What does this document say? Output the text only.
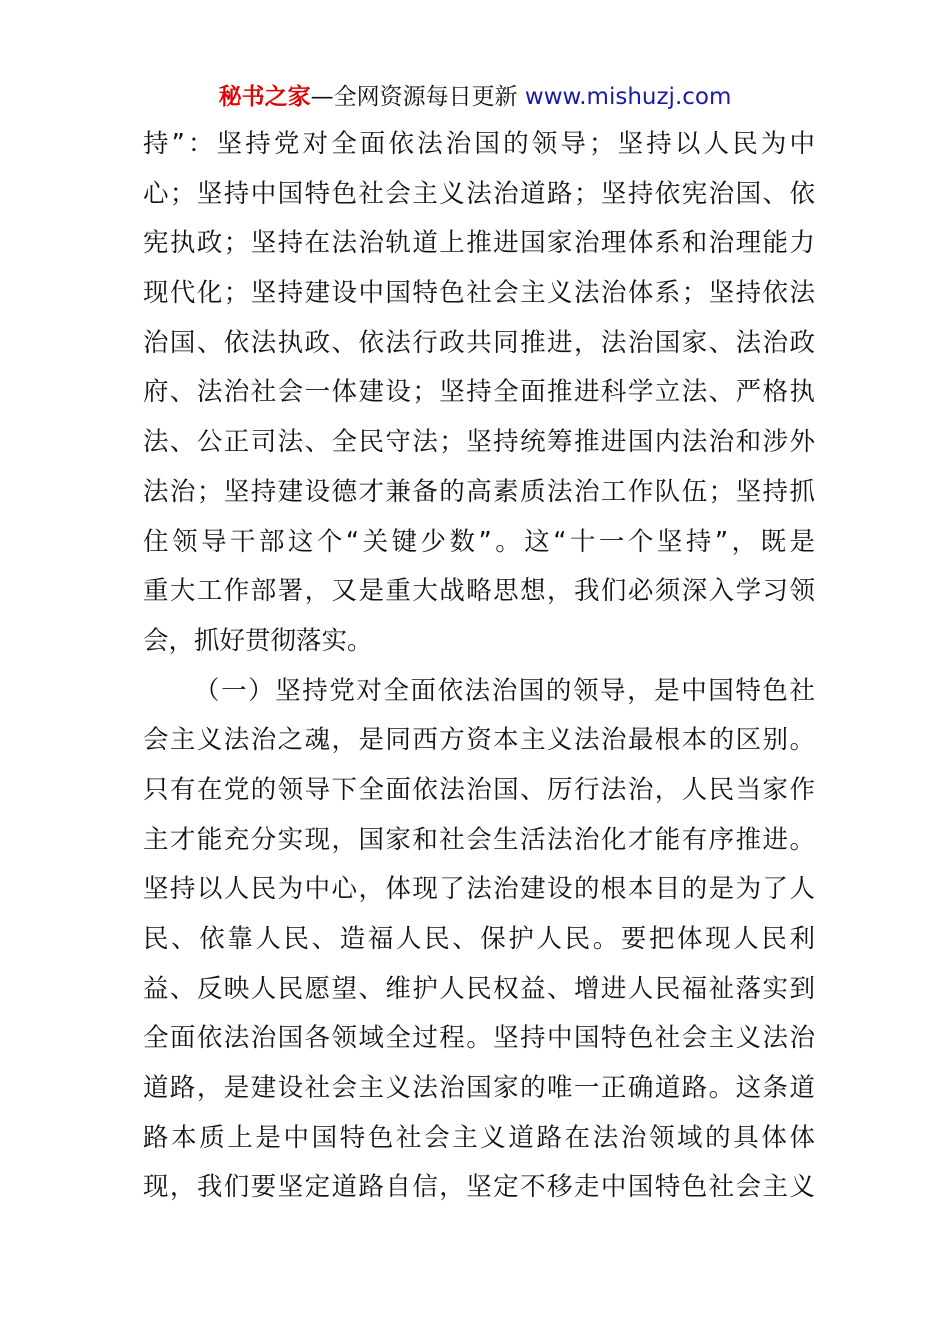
秘书之家—全网资源每日更新 www.mishuzj.com
持”：坚持党对全面依法治国的领导；坚持以人民为中
心；坚持中国特色社会主义法治道路；坚持依宪治国、依
宪执政；坚持在法治轨道上推进国家治理体系和治理能力
现代化；坚持建设中国特色社会主义法治体系；坚持依法
治国、依法执政、依法行政共同推进，法治国家、法治政
府、法治社会一体建设；坚持全面推进科学立法、严格执
法、公正司法、全民守法；坚持统筹推进国内法治和涉外
法治；坚持建设德才兼备的高素质法治工作队伍；坚持抓
住领导干部这个“关键少数”。这“十一个坚持”，既是
重大工作部署，又是重大战略思想，我们必须深入学习领
会，抓好贯彻落实。
（一）坚持党对全面依法治国的领导，是中国特色社
会主义法治之魂，是同西方资本主义法治最根本的区别。
只有在党的领导下全面依法治国、厉行法治，人民当家作
主才能充分实现，国家和社会生活法治化才能有序推进。
坚持以人民为中心，体现了法治建设的根本目的是为了人
民、依靠人民、造福人民、保护人民。要把体现人民利
益、反映人民愿望、维护人民权益、增进人民福祉落实到
全面依法治国各领域全过程。坚持中国特色社会主义法治
道路，是建设社会主义法治国家的唯一正确道路。这条道
路本质上是中国特色社会主义道路在法治领域的具体体
现，我们要坚定道路自信，坚定不移走中国特色社会主义
